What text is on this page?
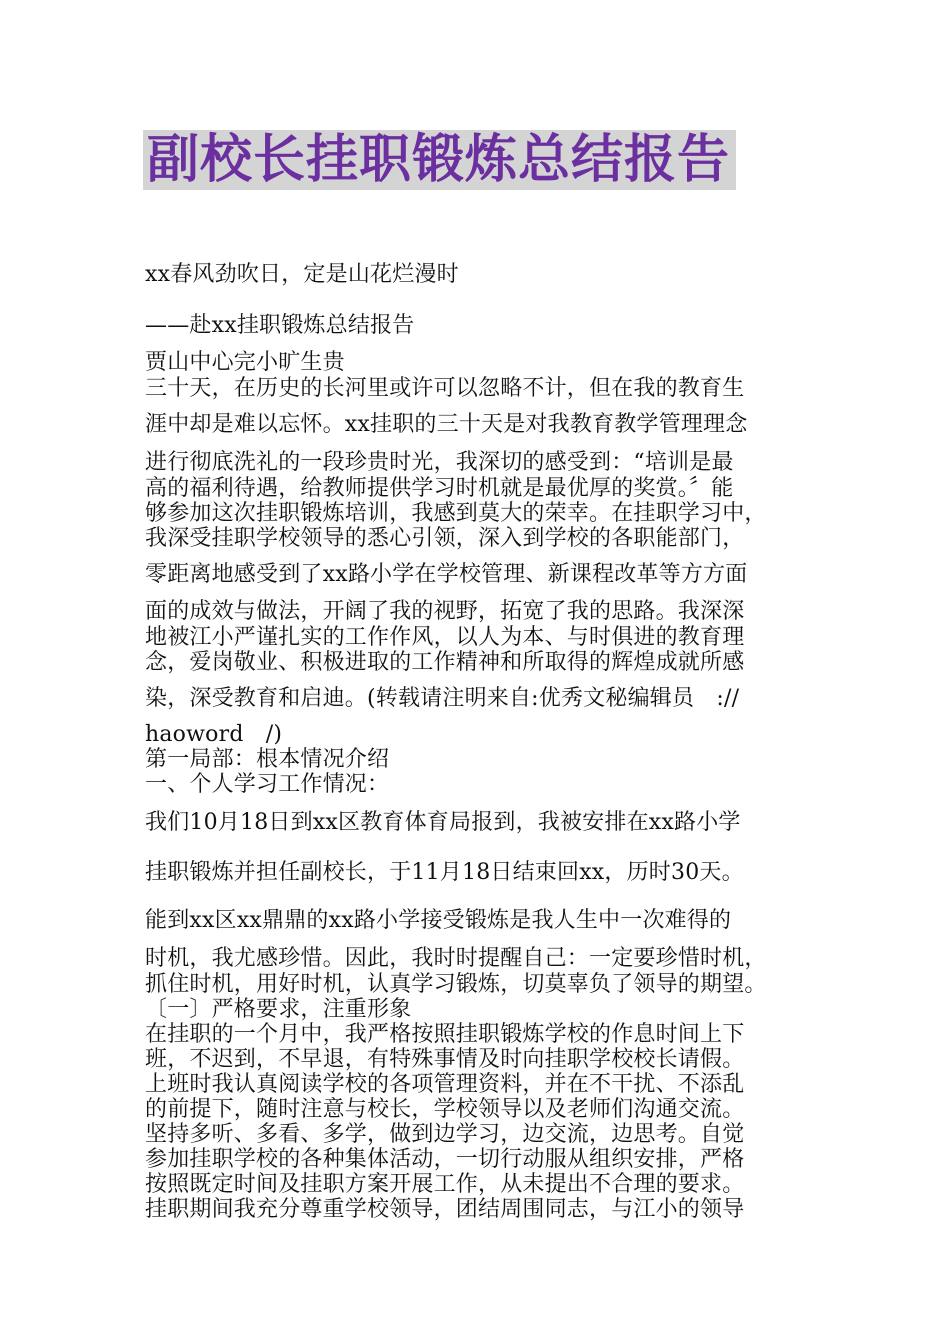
副校长挂职锻炼总结报告
xx春风劲吹日，定是山花烂漫时
——赴xx挂职锻炼总结报告
贾山中心完小旷生贵
三十天，在历史的长河里或许可以忽略不计，但在我的教育生
涯中却是难以忘怀。xx挂职的三十天是对我教育教学管理理念
进行彻底洗礼的一段珍贵时光，我深切的感受到：“培训是最
高的福利待遇，给教师提供学习时机就是最优厚的奖赏。〞能
够参加这次挂职锻炼培训，我感到莫大的荣幸。在挂职学习中，
我深受挂职学校领导的悉心引领，深入到学校的各职能部门，
零距离地感受到了xx路小学在学校管理、新课程改革等方方面
面的成效与做法，开阔了我的视野，拓宽了我的思路。我深深
地被江小严谨扎实的工作作风，以人为本、与时俱进的教育理
念，爱岗敬业、积极进取的工作精神和所取得的辉煌成就所感
染，深受教育和启迪。(转载请注明来自:优秀文秘编辑员　://
haoword　/)
第一局部：根本情况介绍
一、个人学习工作情况：
我们10月18日到xx区教育体育局报到，我被安排在xx路小学
挂职锻炼并担任副校长，于11月18日结束回xx，历时30天。
能到xx区xx鼎鼎的xx路小学接受锻炼是我人生中一次难得的
时机，我尤感珍惜。因此，我时时提醒自己：一定要珍惜时机，
抓住时机，用好时机，认真学习锻炼，切莫辜负了领导的期望。
〔一〕严格要求，注重形象
在挂职的一个月中，我严格按照挂职锻炼学校的作息时间上下
班，不迟到，不早退，有特殊事情及时向挂职学校校长请假。
上班时我认真阅读学校的各项管理资料，并在不干扰、不添乱
的前提下，随时注意与校长，学校领导以及老师们沟通交流。
坚持多听、多看、多学，做到边学习，边交流，边思考。自觉
参加挂职学校的各种集体活动，一切行动服从组织安排，严格
按照既定时间及挂职方案开展工作，从未提出不合理的要求。
挂职期间我充分尊重学校领导，团结周围同志，与江小的领导
